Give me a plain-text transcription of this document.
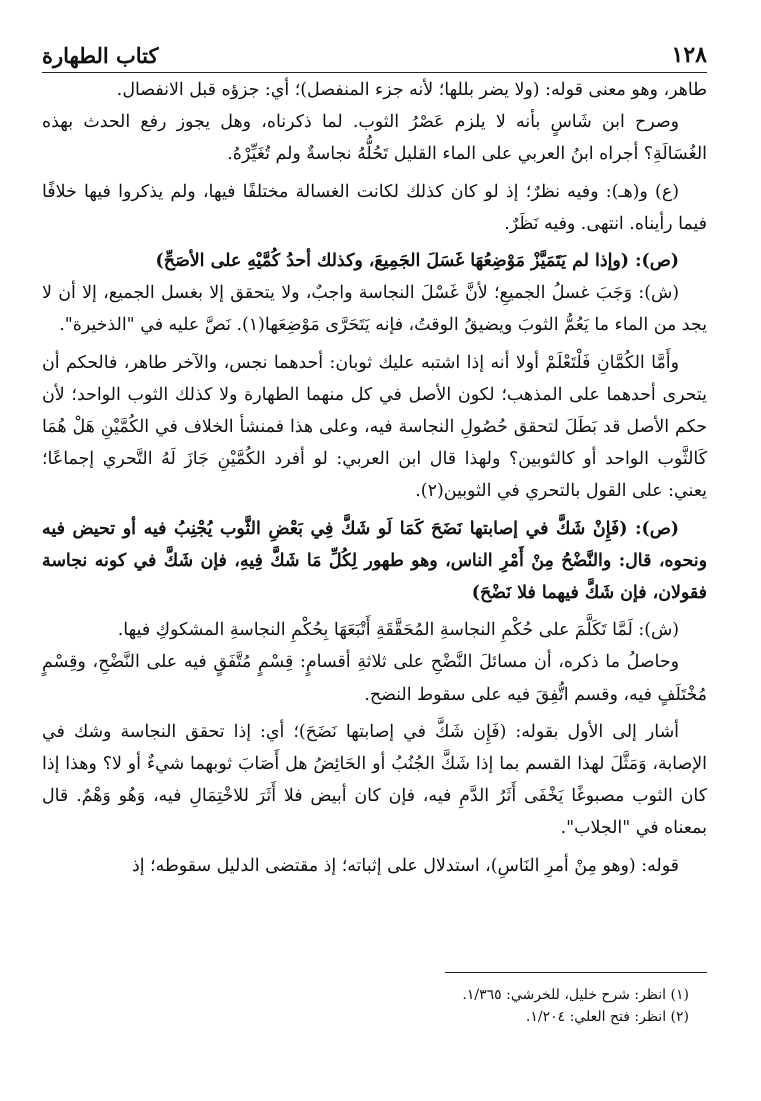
١٢٨
كتاب الطهارة

طاهر، وهو معنى قوله: (ولا يضر بللها؛ لأنه جزء المنفصل)؛ أي: جزؤه قبل الانفصال.

وصرح ابن شَاسٍ بأنه لا يلزم عَصْرُ الثوب. لما ذكرناه، وهل يجوز رفع الحدث بهذه الغُسَالَةِ؟ أجراه ابنُ العربي على الماء القليل تَحُلُّهُ نجاسةٌ ولم تُغَيِّرْهُ.

(ع) و(هـ): وفيه نظرٌ؛ إذ لو كان كذلك لكانت الغسالة مختلفًا فيها، ولم يذكروا فيها خلافًا فيما رأيناه. انتهى. وفيه نَظَرٌ.

(ص): (وإذا لم يَتَمَيَّزْ مَوْضِعُهَا غَسَلَ الجَمِيعَ، وكذلك أحدُ كُمَّيْهِ على الأصَحِّ)

(ش): وَجَبَ غسلُ الجميعِ؛ لأنَّ غَسْلَ النجاسة واجبٌ، ولا يتحقق إلا بغسل الجميع، إلا أن لا يجد من الماء ما يَعُمُّ الثوبَ ويضيقُ الوقتُ، فإنه يَتَحَرَّى مَوْضِعَها(١). نَصَّ عليه في "الذخيرة".

وأَمَّا الكُمَّانِ فَلْتَعْلَمْ أولا أنه إذا اشتبه عليك ثوبان: أحدهما نجس، والآخر طاهر، فالحكم أن يتحرى أحدهما على المذهب؛ لكون الأصل في كل منهما الطهارة ولا كذلك الثوب الواحد؛ لأن حكم الأصل قد بَطَلَ لتحقق حُصُولِ النجاسة فيه، وعلى هذا فمنشأ الخلاف في الكُمَّيْنِ هَلْ هُمَا كَالثَّوب الواحد أو كالثوبين؟ ولهذا قال ابن العربي: لو أفرد الكُمَّيْنِ جَازَ لَهُ التَّحري إجماعًا؛ يعني: على القول بالتحري في الثوبين(٢).

(ص): (فَإِنْ شَكَّ في إصابتها نَضَحَ كَمَا لَو شَكَّ فِي بَعْضِ الثَّوب يُجْنِبُ فيه أو تحيض فيه ونحوه، قال: والنَّضْحُ مِنْ أَمْرِ الناس، وهو طهور لِكُلِّ مَا شَكَّ فِيهِ، فإن شَكَّ في كونه نجاسة فقولان، فإن شَكَّ فيهما فلا نَضْحَ)

(ش): لَمَّا تَكَلَّمَ على حُكْمِ النجاسةِ المُحَقَّقَةِ أَتْبَعَهَا بِحُكْمِ النجاسةِ المشكوكِ فيها.

وحاصلُ ما ذكره، أن مسائلَ النَّضْحِ على ثلاثةِ أقسامٍ: قِسْمٍ مُتَّفَقٍ فيه على النَّضْحِ، وقِسْمٍ مُخْتَلَفٍ فيه، وقسم اتُّفِقَ فيه على سقوط النضح.

أشار إلى الأول بقوله: (فَإِن شَكَّ في إصابتها نَضَحَ)؛ أي: إذا تحقق النجاسة وشك في الإصابة، وَمَثَّلَ لهذا القسم بما إذا شَكَّ الجُنُبُ أو الحَائِضُ هل أَصَابَ ثوبهما شيءٌ أو لا؟ وهذا إذا كان الثوب مصبوغًا يَخْفَى أَثَرُ الدَّمِ فيه، فإن كان أبيض فلا أَثَرَ للاخْتِمَالِ فيه، وَهُو وَهْمٌ. قال بمعناه في "الجلاب".

قوله: (وهو مِنْ أمرِ النَاسِ)، استدلال على إثباته؛ إذ مقتضى الدليل سقوطه؛ إذ

(١) انظر: شرح خليل، للخرشي: ١/٣٦٥.

(٢) انظر: فتح العلي: ١/٢٠٤.
